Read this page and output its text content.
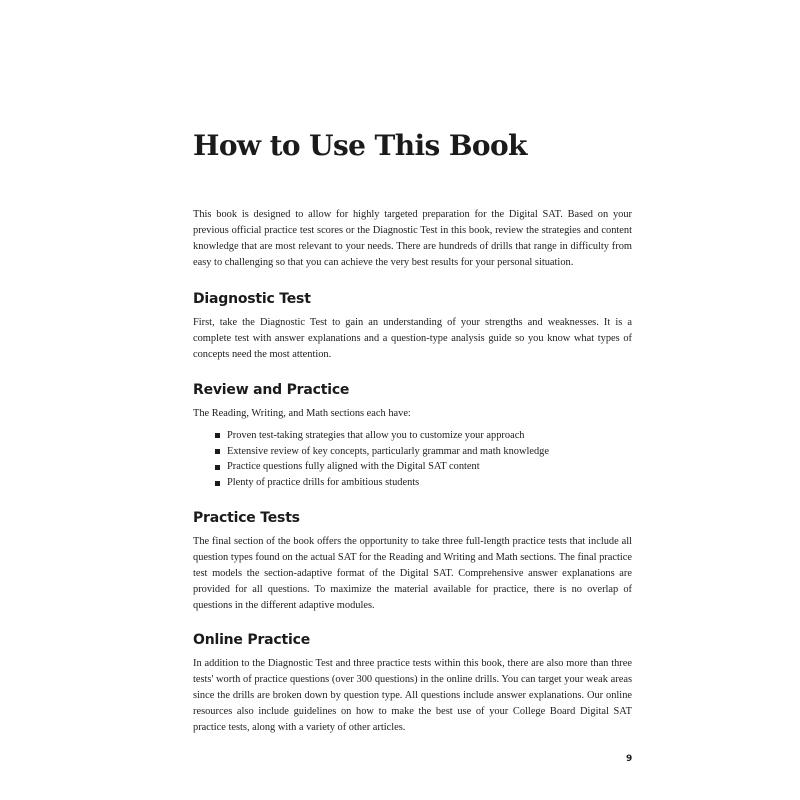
How to Use This Book

This book is designed to allow for highly targeted preparation for the Digital SAT. Based on your previous official practice test scores or the Diagnostic Test in this book, review the strategies and content knowledge that are most relevant to your needs. There are hundreds of drills that range in difficulty from easy to challenging so that you can achieve the very best results for your personal situation.

Diagnostic Test

First, take the Diagnostic Test to gain an understanding of your strengths and weaknesses. It is a complete test with answer explanations and a question-type analysis guide so you know what types of concepts need the most attention.

Review and Practice

The Reading, Writing, and Math sections each have:

Proven test-taking strategies that allow you to customize your approach
Extensive review of key concepts, particularly grammar and math knowledge
Practice questions fully aligned with the Digital SAT content
Plenty of practice drills for ambitious students
Practice Tests

The final section of the book offers the opportunity to take three full-length practice tests that include all question types found on the actual SAT for the Reading and Writing and Math sections. The final practice test models the section-adaptive format of the Digital SAT. Comprehensive answer explanations are provided for all questions. To maximize the material available for practice, there is no overlap of questions in the different adaptive modules.

Online Practice

In addition to the Diagnostic Test and three practice tests within this book, there are also more than three tests' worth of practice questions (over 300 questions) in the online drills. You can target your weak areas since the drills are broken down by question type. All questions include answer explanations. Our online resources also include guidelines on how to make the best use of your College Board Digital SAT practice tests, along with a variety of other articles.

9
